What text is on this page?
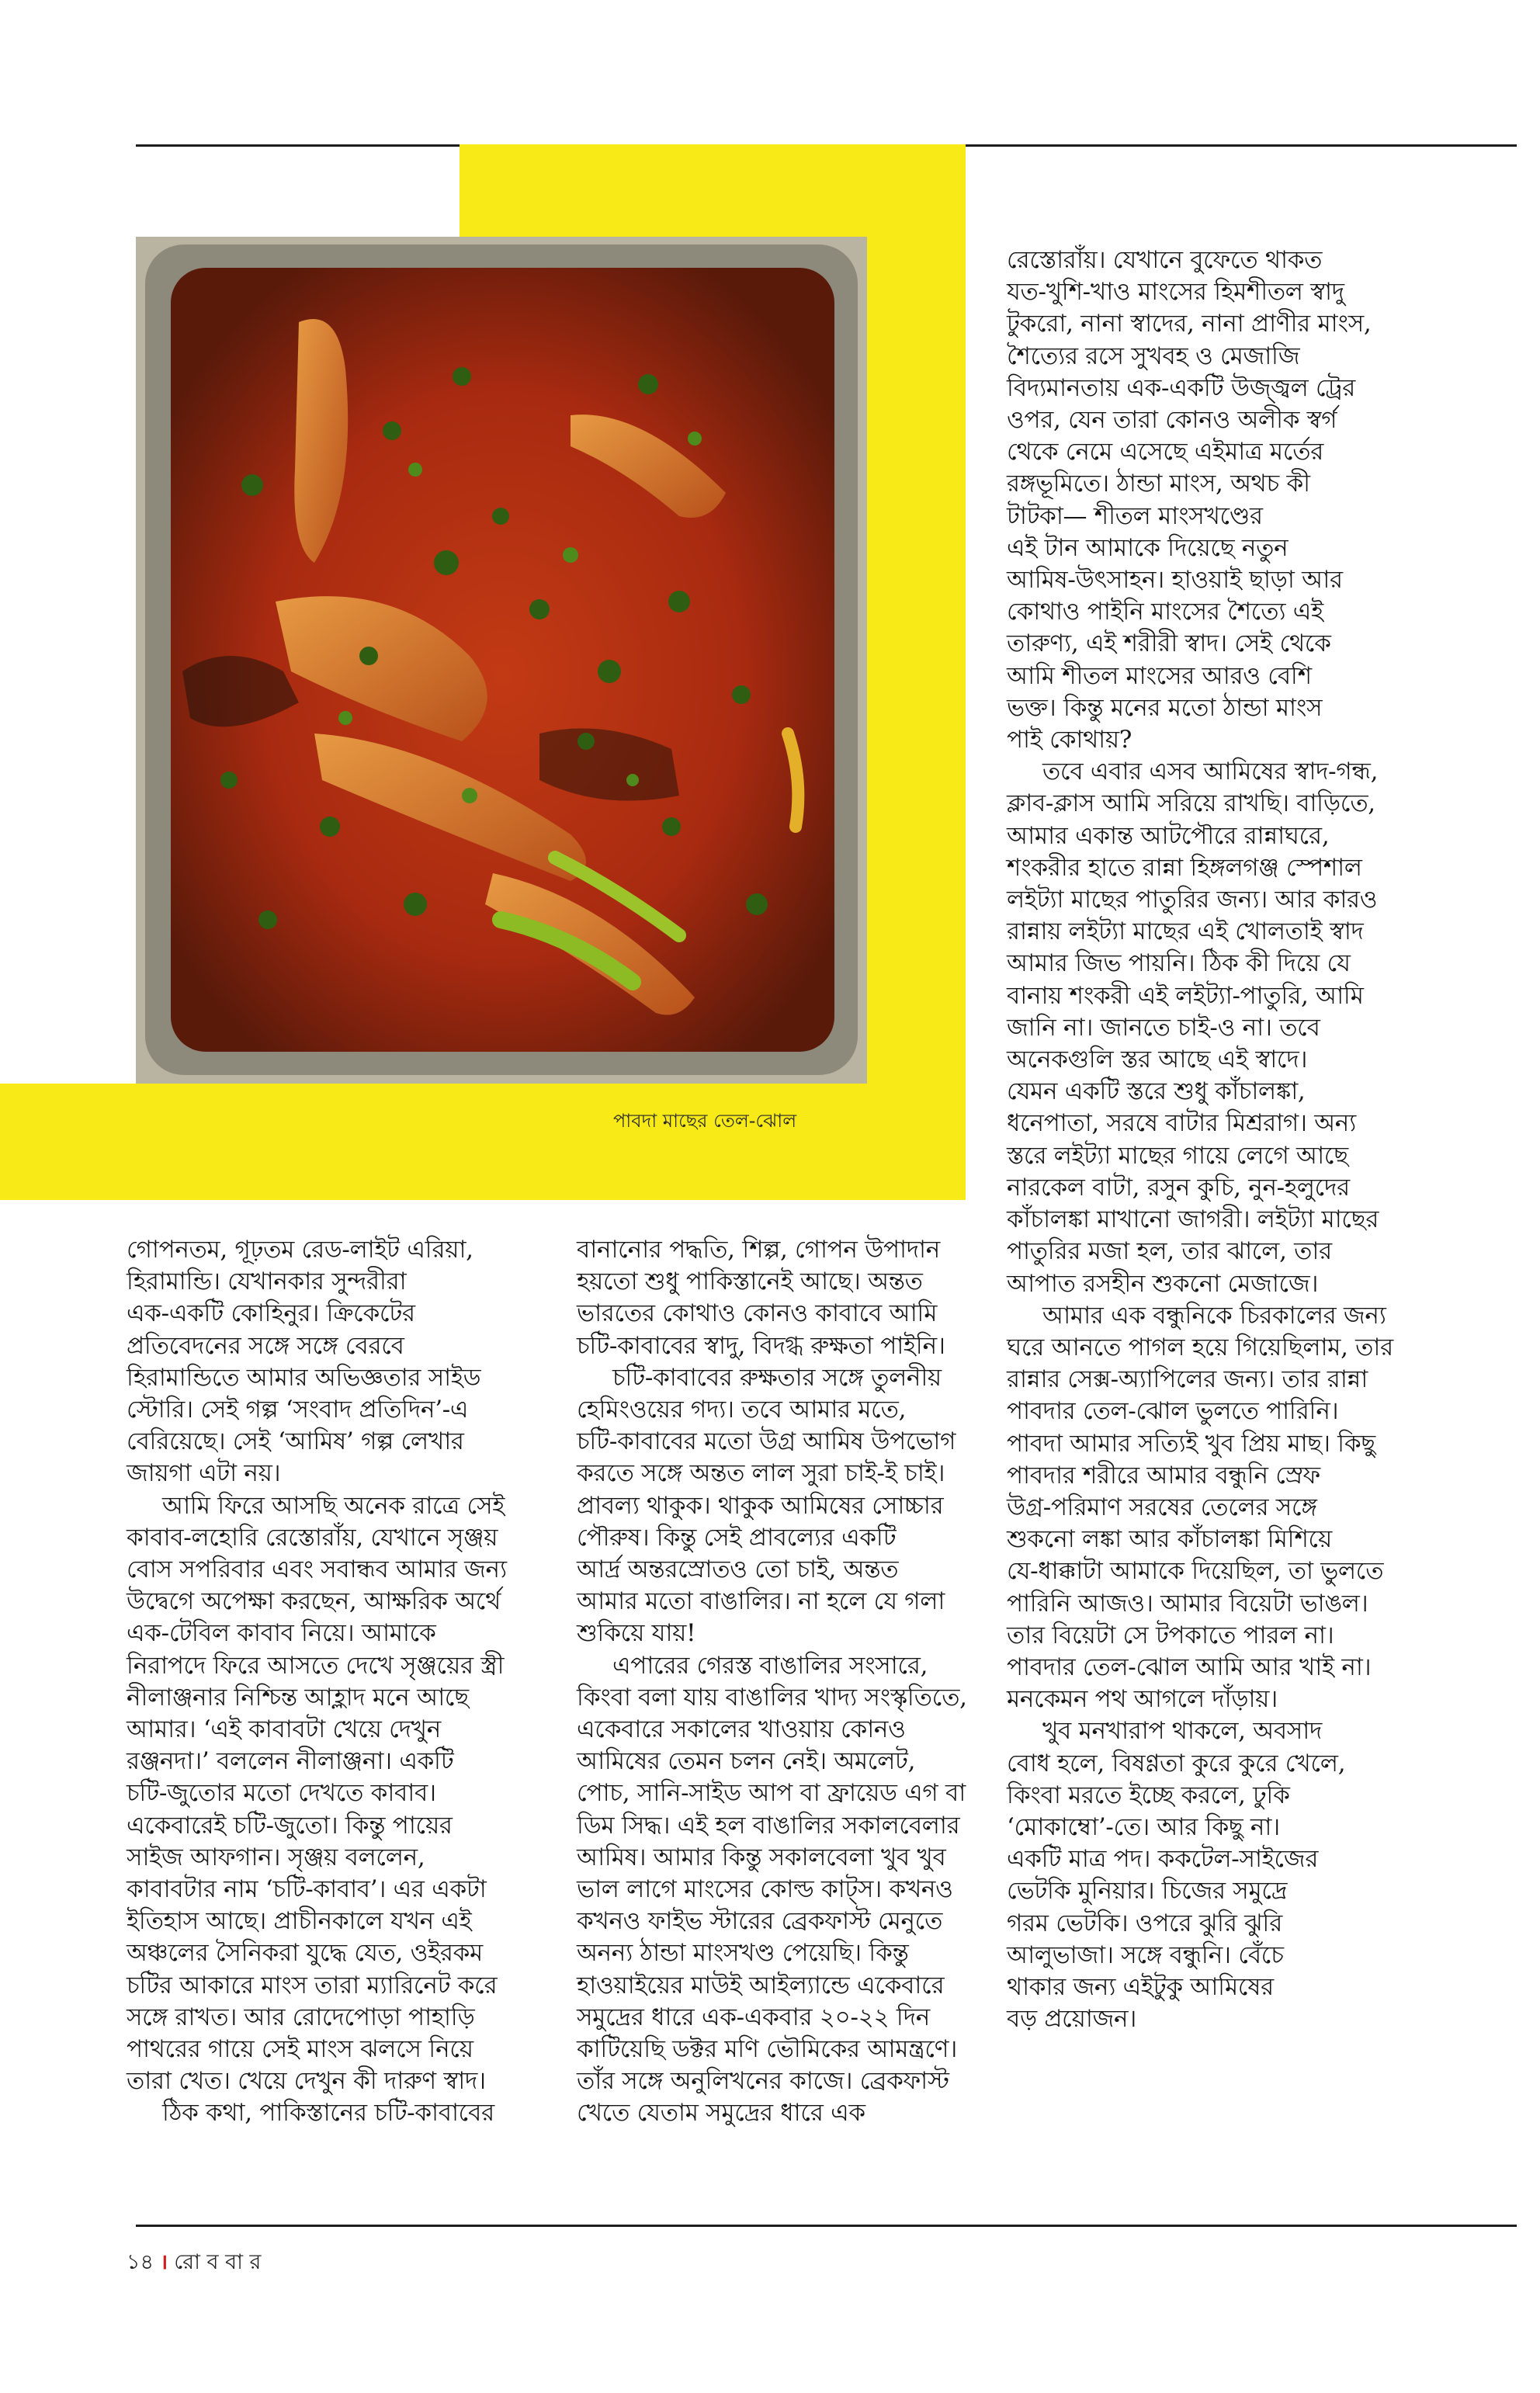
পাবদা মাছের তেল-ঝোল

গোপনতম, গূঢ়তম রেড-লাইট এরিয়া,
হিরামান্ডি। যেখানকার সুন্দরীরা
এক-একটি কোহিনুর। ক্রিকেটের
প্রতিবেদনের সঙ্গে সঙ্গে বেরবে
হিরামান্ডিতে আমার অভিজ্ঞতার সাইড
স্টোরি। সেই গল্প ‘সংবাদ প্রতিদিন’-এ
বেরিয়েছে। সেই ‘আমিষ’ গল্প লেখার
জায়গা এটা নয়।

আমি ফিরে আসছি অনেক রাত্রে সেই
কাবাব-লহোরি রেস্তোরাঁয়, যেখানে সৃঞ্জয়
বোস সপরিবার এবং সবান্ধব আমার জন্য
উদ্বেগে অপেক্ষা করছেন, আক্ষরিক অর্থে
এক-টেবিল কাবাব নিয়ে। আমাকে
নিরাপদে ফিরে আসতে দেখে সৃঞ্জয়ের স্ত্রী
নীলাঞ্জনার নিশ্চিন্ত আহ্লাদ মনে আছে
আমার। ‘এই কাবাবটা খেয়ে দেখুন
রঞ্জনদা।’ বললেন নীলাঞ্জনা। একটি
চটি-জুতোর মতো দেখতে কাবাব।
একেবারেই চটি-জুতো। কিন্তু পায়ের
সাইজ আফগান। সৃঞ্জয় বললেন,
কাবাবটার নাম ‘চটি-কাবাব’। এর একটা
ইতিহাস আছে। প্রাচীনকালে যখন এই
অঞ্চলের সৈনিকরা যুদ্ধে যেত, ওইরকম
চটির আকারে মাংস তারা ম্যারিনেট করে
সঙ্গে রাখত। আর রোদেপোড়া পাহাড়ি
পাথরের গায়ে সেই মাংস ঝলসে নিয়ে
তারা খেত। খেয়ে দেখুন কী দারুণ স্বাদ।

ঠিক কথা, পাকিস্তানের চটি-কাবাবের

বানানোর পদ্ধতি, শিল্প, গোপন উপাদান
হয়তো শুধু পাকিস্তানেই আছে। অন্তত
ভারতের কোথাও কোনও কাবাবে আমি
চটি-কাবাবের স্বাদু, বিদগ্ধ রুক্ষতা পাইনি।

চটি-কাবাবের রুক্ষতার সঙ্গে তুলনীয়
হেমিংওয়ের গদ্য। তবে আমার মতে,
চটি-কাবাবের মতো উগ্র আমিষ উপভোগ
করতে সঙ্গে অন্তত লাল সুরা চাই-ই চাই।
প্রাবল্য থাকুক। থাকুক আমিষের সোচ্চার
পৌরুষ। কিন্তু সেই প্রাবল্যের একটি
আর্দ্র অন্তরস্রোতও তো চাই, অন্তত
আমার মতো বাঙালির। না হলে যে গলা
শুকিয়ে যায়!

এপারের গেরস্ত বাঙালির সংসারে,
কিংবা বলা যায় বাঙালির খাদ্য সংস্কৃতিতে,
একেবারে সকালের খাওয়ায় কোনও
আমিষের তেমন চলন নেই। অমলেট,
পোচ, সানি-সাইড আপ বা ফ্রায়েড এগ বা
ডিম সিদ্ধ। এই হল বাঙালির সকালবেলার
আমিষ। আমার কিন্তু সকালবেলা খুব খুব
ভাল লাগে মাংসের কোল্ড কাট্‌স। কখনও
কখনও ফাইভ স্টারের ব্রেকফাস্ট মেনুতে
অনন্য ঠান্ডা মাংসখণ্ড পেয়েছি। কিন্তু
হাওয়াইয়ের মাউই আইল্যান্ডে একেবারে
সমুদ্রের ধারে এক-একবার ২০-২২ দিন
কাটিয়েছি ডক্টর মণি ভৌমিকের আমন্ত্রণে।
তাঁর সঙ্গে অনুলিখনের কাজে। ব্রেকফাস্ট
খেতে যেতাম সমুদ্রের ধারে এক

রেস্তোরাঁয়। যেখানে বুফেতে থাকত
যত-খুশি-খাও মাংসের হিমশীতল স্বাদু
টুকরো, নানা স্বাদের, নানা প্রাণীর মাংস,
শৈত্যের রসে সুখবহ ও মেজাজি
বিদ্যমানতায় এক-একটি উজ্জ্বল ট্রের
ওপর, যেন তারা কোনও অলীক স্বর্গ
থেকে নেমে এসেছে এইমাত্র মর্তের
রঙ্গভূমিতে। ঠান্ডা মাংস, অথচ কী
টাটকা— শীতল মাংসখণ্ডের
এই টান আমাকে দিয়েছে নতুন
আমিষ-উৎসাহন। হাওয়াই ছাড়া আর
কোথাও পাইনি মাংসের শৈত্যে এই
তারুণ্য, এই শরীরী স্বাদ। সেই থেকে
আমি শীতল মাংসের আরও বেশি
ভক্ত। কিন্তু মনের মতো ঠান্ডা মাংস
পাই কোথায়?

তবে এবার এসব আমিষের স্বাদ-গন্ধ,
ক্লাব-ক্লাস আমি সরিয়ে রাখছি। বাড়িতে,
আমার একান্ত আটপৌরে রান্নাঘরে,
শংকরীর হাতে রান্না হিঙ্গলগঞ্জ স্পেশাল
লইট্যা মাছের পাতুরির জন্য। আর কারও
রান্নায় লইট্যা মাছের এই খোলতাই স্বাদ
আমার জিভ পায়নি। ঠিক কী দিয়ে যে
বানায় শংকরী এই লইট্যা-পাতুরি, আমি
জানি না। জানতে চাই-ও না। তবে
অনেকগুলি স্তর আছে এই স্বাদে।
যেমন একটি স্তরে শুধু কাঁচালঙ্কা,
ধনেপাতা, সরষে বাটার মিশ্ররাগ। অন্য
স্তরে লইট্যা মাছের গায়ে লেগে আছে
নারকেল বাটা, রসুন কুচি, নুন-হলুদের
কাঁচালঙ্কা মাখানো জাগরী। লইট্যা মাছের
পাতুরির মজা হল, তার ঝালে, তার
আপাত রসহীন শুকনো মেজাজে।

আমার এক বন্ধুনিকে চিরকালের জন্য
ঘরে আনতে পাগল হয়ে গিয়েছিলাম, তার
রান্নার সেক্স-অ্যাপিলের জন্য। তার রান্না
পাবদার তেল-ঝোল ভুলতে পারিনি।
পাবদা আমার সত্যিই খুব প্রিয় মাছ। কিছু
পাবদার শরীরে আমার বন্ধুনি স্রেফ
উগ্র-পরিমাণ সরষের তেলের সঙ্গে
শুকনো লঙ্কা আর কাঁচালঙ্কা মিশিয়ে
যে-ধাক্কাটা আমাকে দিয়েছিল, তা ভুলতে
পারিনি আজও। আমার বিয়েটা ভাঙল।
তার বিয়েটা সে টপকাতে পারল না।
পাবদার তেল-ঝোল আমি আর খাই না।
মনকেমন পথ আগলে দাঁড়ায়।

খুব মনখারাপ থাকলে, অবসাদ
বোধ হলে, বিষণ্ণতা কুরে কুরে খেলে,
কিংবা মরতে ইচ্ছে করলে, ঢুকি
‘মোকাম্বো’-তে। আর কিছু না।
একটি মাত্র পদ। ককটেল-সাইজের
ভেটকি মুনিয়ার। চিজের সমুদ্রে
গরম ভেটকি। ওপরে ঝুরি ঝুরি
আলুভাজা। সঙ্গে বন্ধুনি। বেঁচে
থাকার জন্য এইটুকু আমিষের
বড় প্রয়োজন।

১৪ । রো ব বা র
